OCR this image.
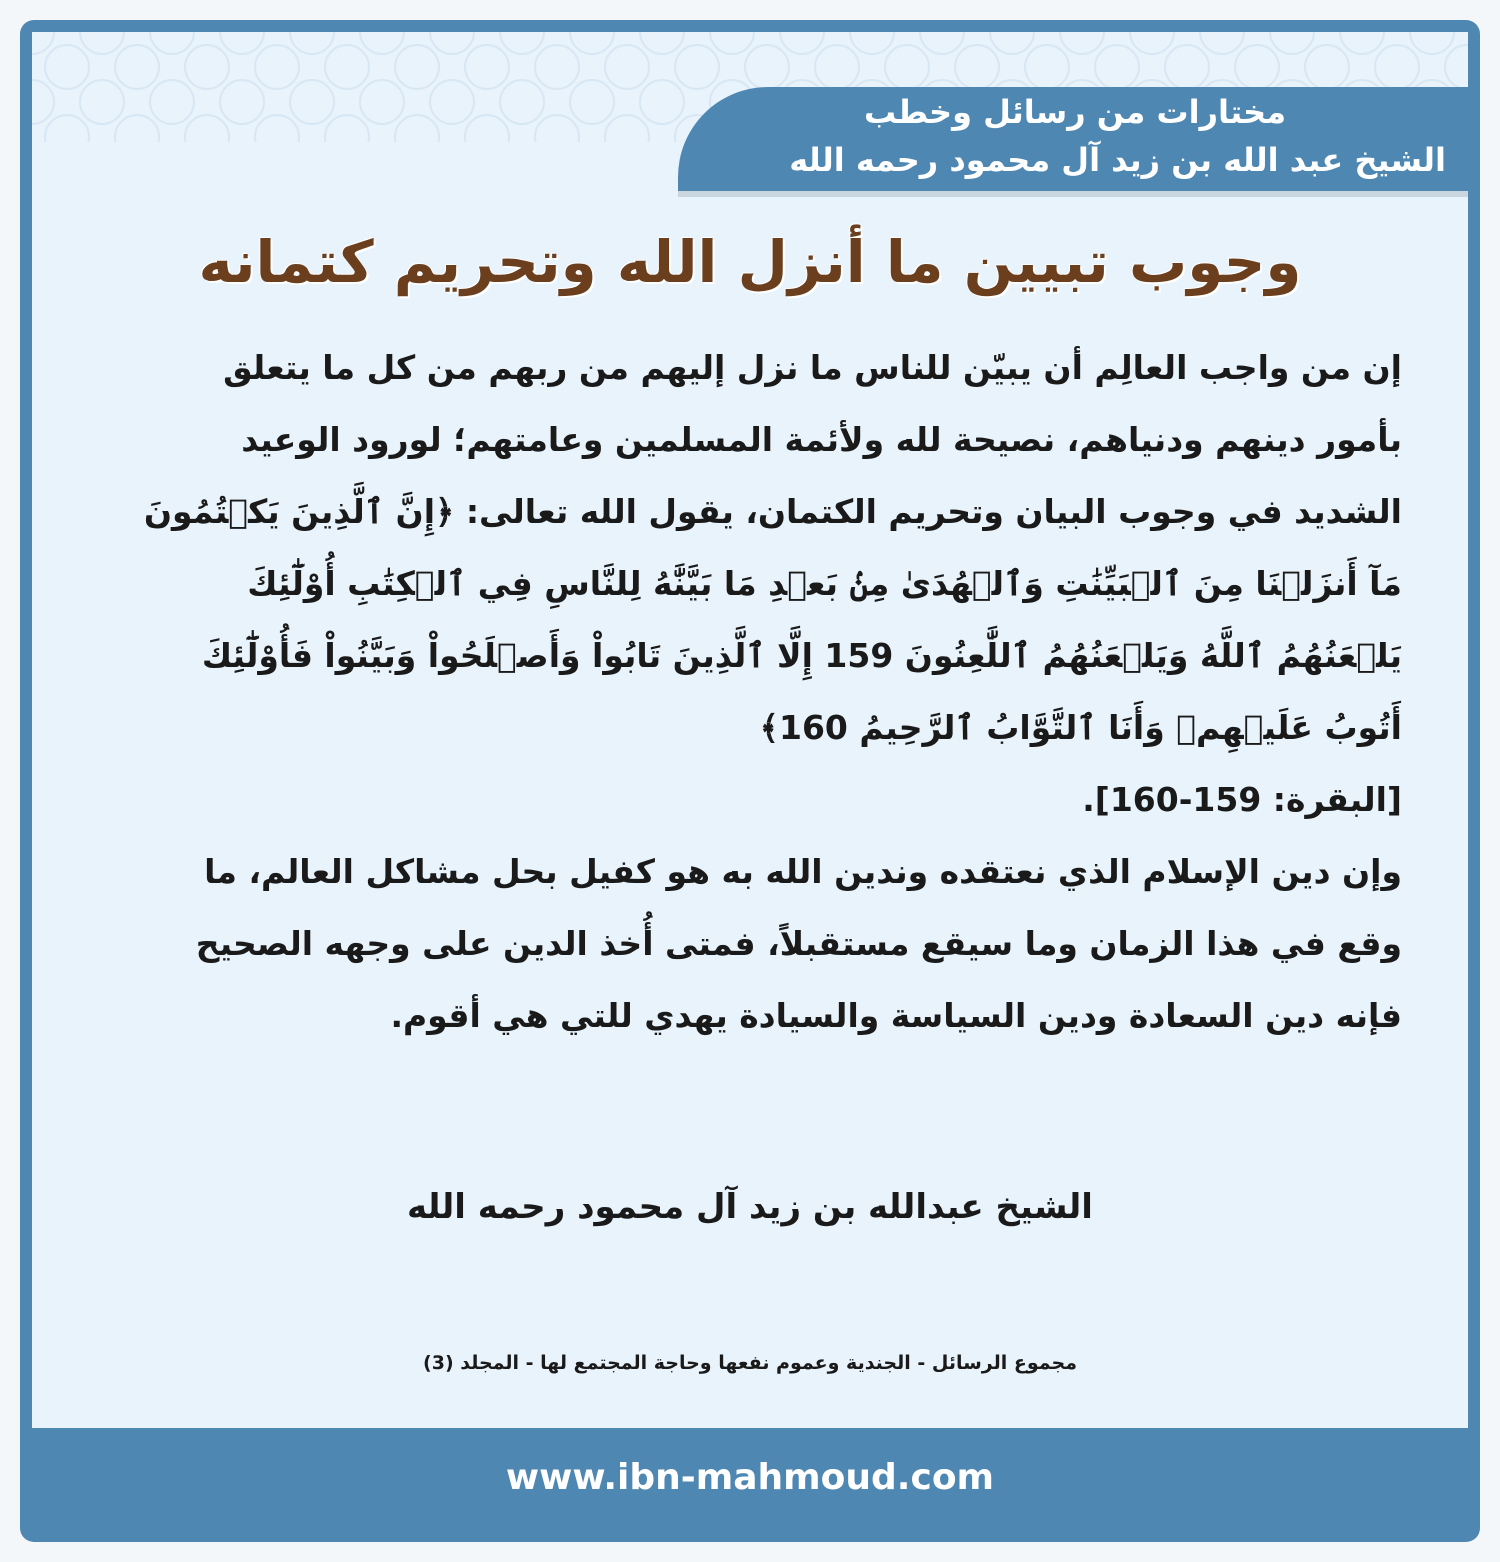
مختارات من رسائل وخطب
الشيخ عبد الله بن زيد آل محمود رحمه الله
وجوب تبيين ما أنزل الله وتحريم كتمانه

إن من واجب العالِم أن يبيّن للناس ما نزل إليهم من ربهم من كل ما يتعلق بأمور دينهم ودنياهم، نصيحة لله ولأئمة المسلمين وعامتهم؛ لورود الوعيد الشديد في وجوب البيان وتحريم الكتمان، يقول الله تعالى: ﴿إِنَّ ٱلَّذِينَ يَكۡتُمُونَ مَآ أَنزَلۡنَا مِنَ ٱلۡبَيِّنَٰتِ وَٱلۡهُدَىٰ مِنۢ بَعۡدِ مَا بَيَّنَّٰهُ لِلنَّاسِ فِي ٱلۡكِتَٰبِ أُوْلَٰٓئِكَ يَلۡعَنُهُمُ ٱللَّهُ وَيَلۡعَنُهُمُ ٱللَّٰعِنُونَ 159 إِلَّا ٱلَّذِينَ تَابُواْ وَأَصۡلَحُواْ وَبَيَّنُواْ فَأُوْلَٰٓئِكَ أَتُوبُ عَلَيۡهِمۡ وَأَنَا ٱلتَّوَّابُ ٱلرَّحِيمُ 160﴾

[البقرة: 159-160].

وإن دين الإسلام الذي نعتقده وندين الله به هو كفيل بحل مشاكل العالم، ما وقع في هذا الزمان وما سيقع مستقبلاً، فمتى أُخذ الدين على وجهه الصحيح فإنه دين السعادة ودين السياسة والسيادة يهدي للتي هي أقوم.

الشيخ عبدالله بن زيد آل محمود رحمه الله
مجموع الرسائل - الجندية وعموم نفعها وحاجة المجتمع لها - المجلد (3)
www.ibn-mahmoud.com
